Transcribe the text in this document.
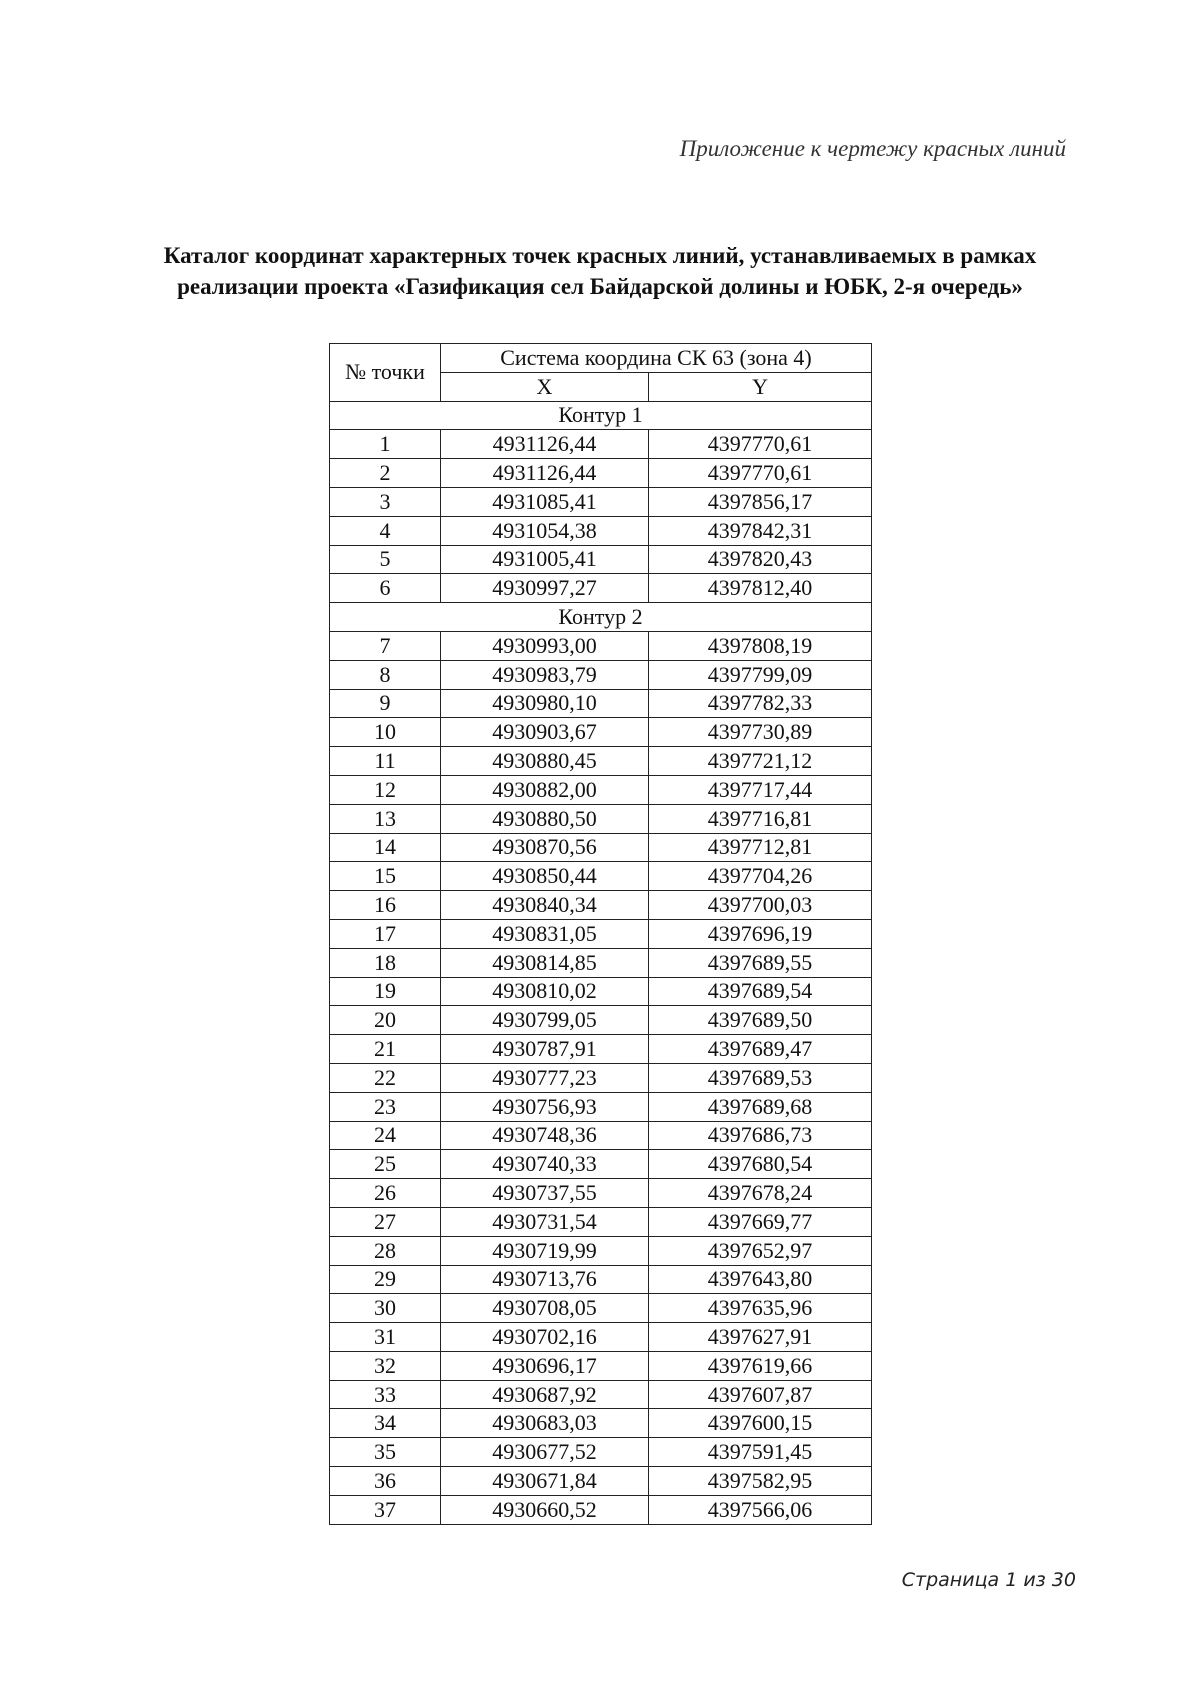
Приложение к чертежу красных линий
Каталог координат характерных точек красных линий, устанавливаемых в рамках
реализации проекта «Газификация сел Байдарской долины и ЮБК, 2-я очередь»
№ точки	Система координа СК 63 (зона 4)	
	X	Y
Контур 1		
1	4931126,44	4397770,61
2	4931126,44	4397770,61
3	4931085,41	4397856,17
4	4931054,38	4397842,31
5	4931005,41	4397820,43
6	4930997,27	4397812,40
Контур 2		
7	4930993,00	4397808,19
8	4930983,79	4397799,09
9	4930980,10	4397782,33
10	4930903,67	4397730,89
11	4930880,45	4397721,12
12	4930882,00	4397717,44
13	4930880,50	4397716,81
14	4930870,56	4397712,81
15	4930850,44	4397704,26
16	4930840,34	4397700,03
17	4930831,05	4397696,19
18	4930814,85	4397689,55
19	4930810,02	4397689,54
20	4930799,05	4397689,50
21	4930787,91	4397689,47
22	4930777,23	4397689,53
23	4930756,93	4397689,68
24	4930748,36	4397686,73
25	4930740,33	4397680,54
26	4930737,55	4397678,24
27	4930731,54	4397669,77
28	4930719,99	4397652,97
29	4930713,76	4397643,80
30	4930708,05	4397635,96
31	4930702,16	4397627,91
32	4930696,17	4397619,66
33	4930687,92	4397607,87
34	4930683,03	4397600,15
35	4930677,52	4397591,45
36	4930671,84	4397582,95
37	4930660,52	4397566,06
Страница 1 из 30
